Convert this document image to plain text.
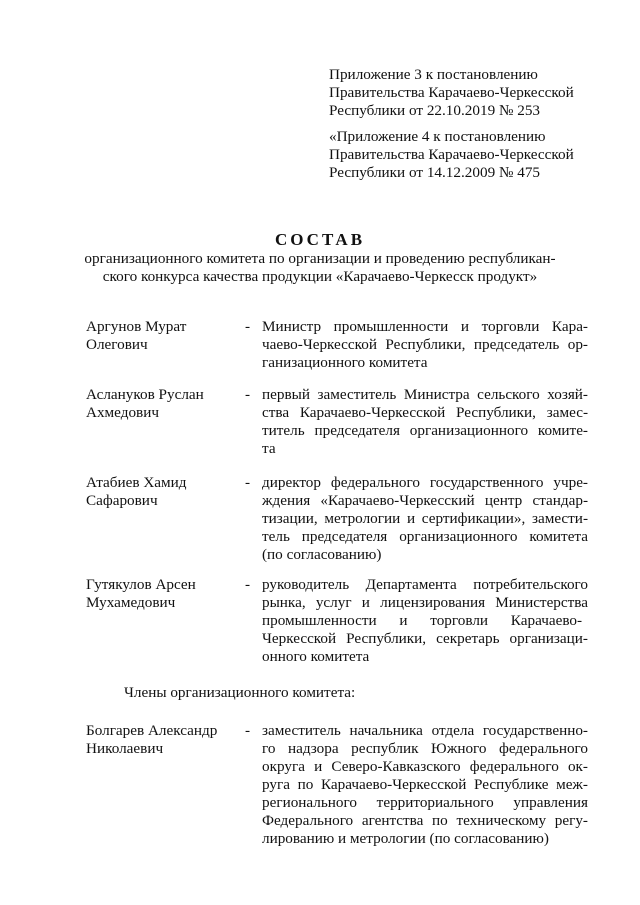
Приложение 3 к постановлению
Правительства Карачаево-Черкесской
Республики от 22.10.2019 № 253
«Приложение 4 к постановлению
Правительства Карачаево-Черкесской
Республики от 14.12.2009 № 475
СОСТАВ
организационного комитета по организации и проведению республикан-
ского конкурса качества продукции «Карачаево-Черкесск продукт»
Аргунов Мурат
Олегович
- Министр промышленности и торговли Кара-
чаево-Черкесской Республики, председатель ор-
ганизационного комитета
Аслануков Руслан
Ахмедович
- первый заместитель Министра сельского хозяй-
ства Карачаево-Черкесской Республики, замес-
титель председателя организационного комите-
та
Атабиев Хамид
Сафарович
- директор федерального государственного учре-
ждения «Карачаево-Черкесский центр стандар-
тизации, метрологии и сертификации», замести-
тель председателя организационного комитета
(по согласованию)
Гутякулов Арсен
Мухамедович
- руководитель Департамента потребительского
рынка, услуг и лицензирования Министерства
промышленности      и      торговли      Карачаево-
Черкесской Республики, секретарь организаци-
онного комитета
Члены организационного комитета:
Болгарев Александр
Николаевич
- заместитель начальника отдела государственно-
го надзора республик Южного федерального
округа и Северо-Кавказского федерального ок-
руга по Карачаево-Черкесской Республике меж-
регионального территориального управления
Федерального агентства по техническому регу-
лированию и метрологии (по согласованию)
